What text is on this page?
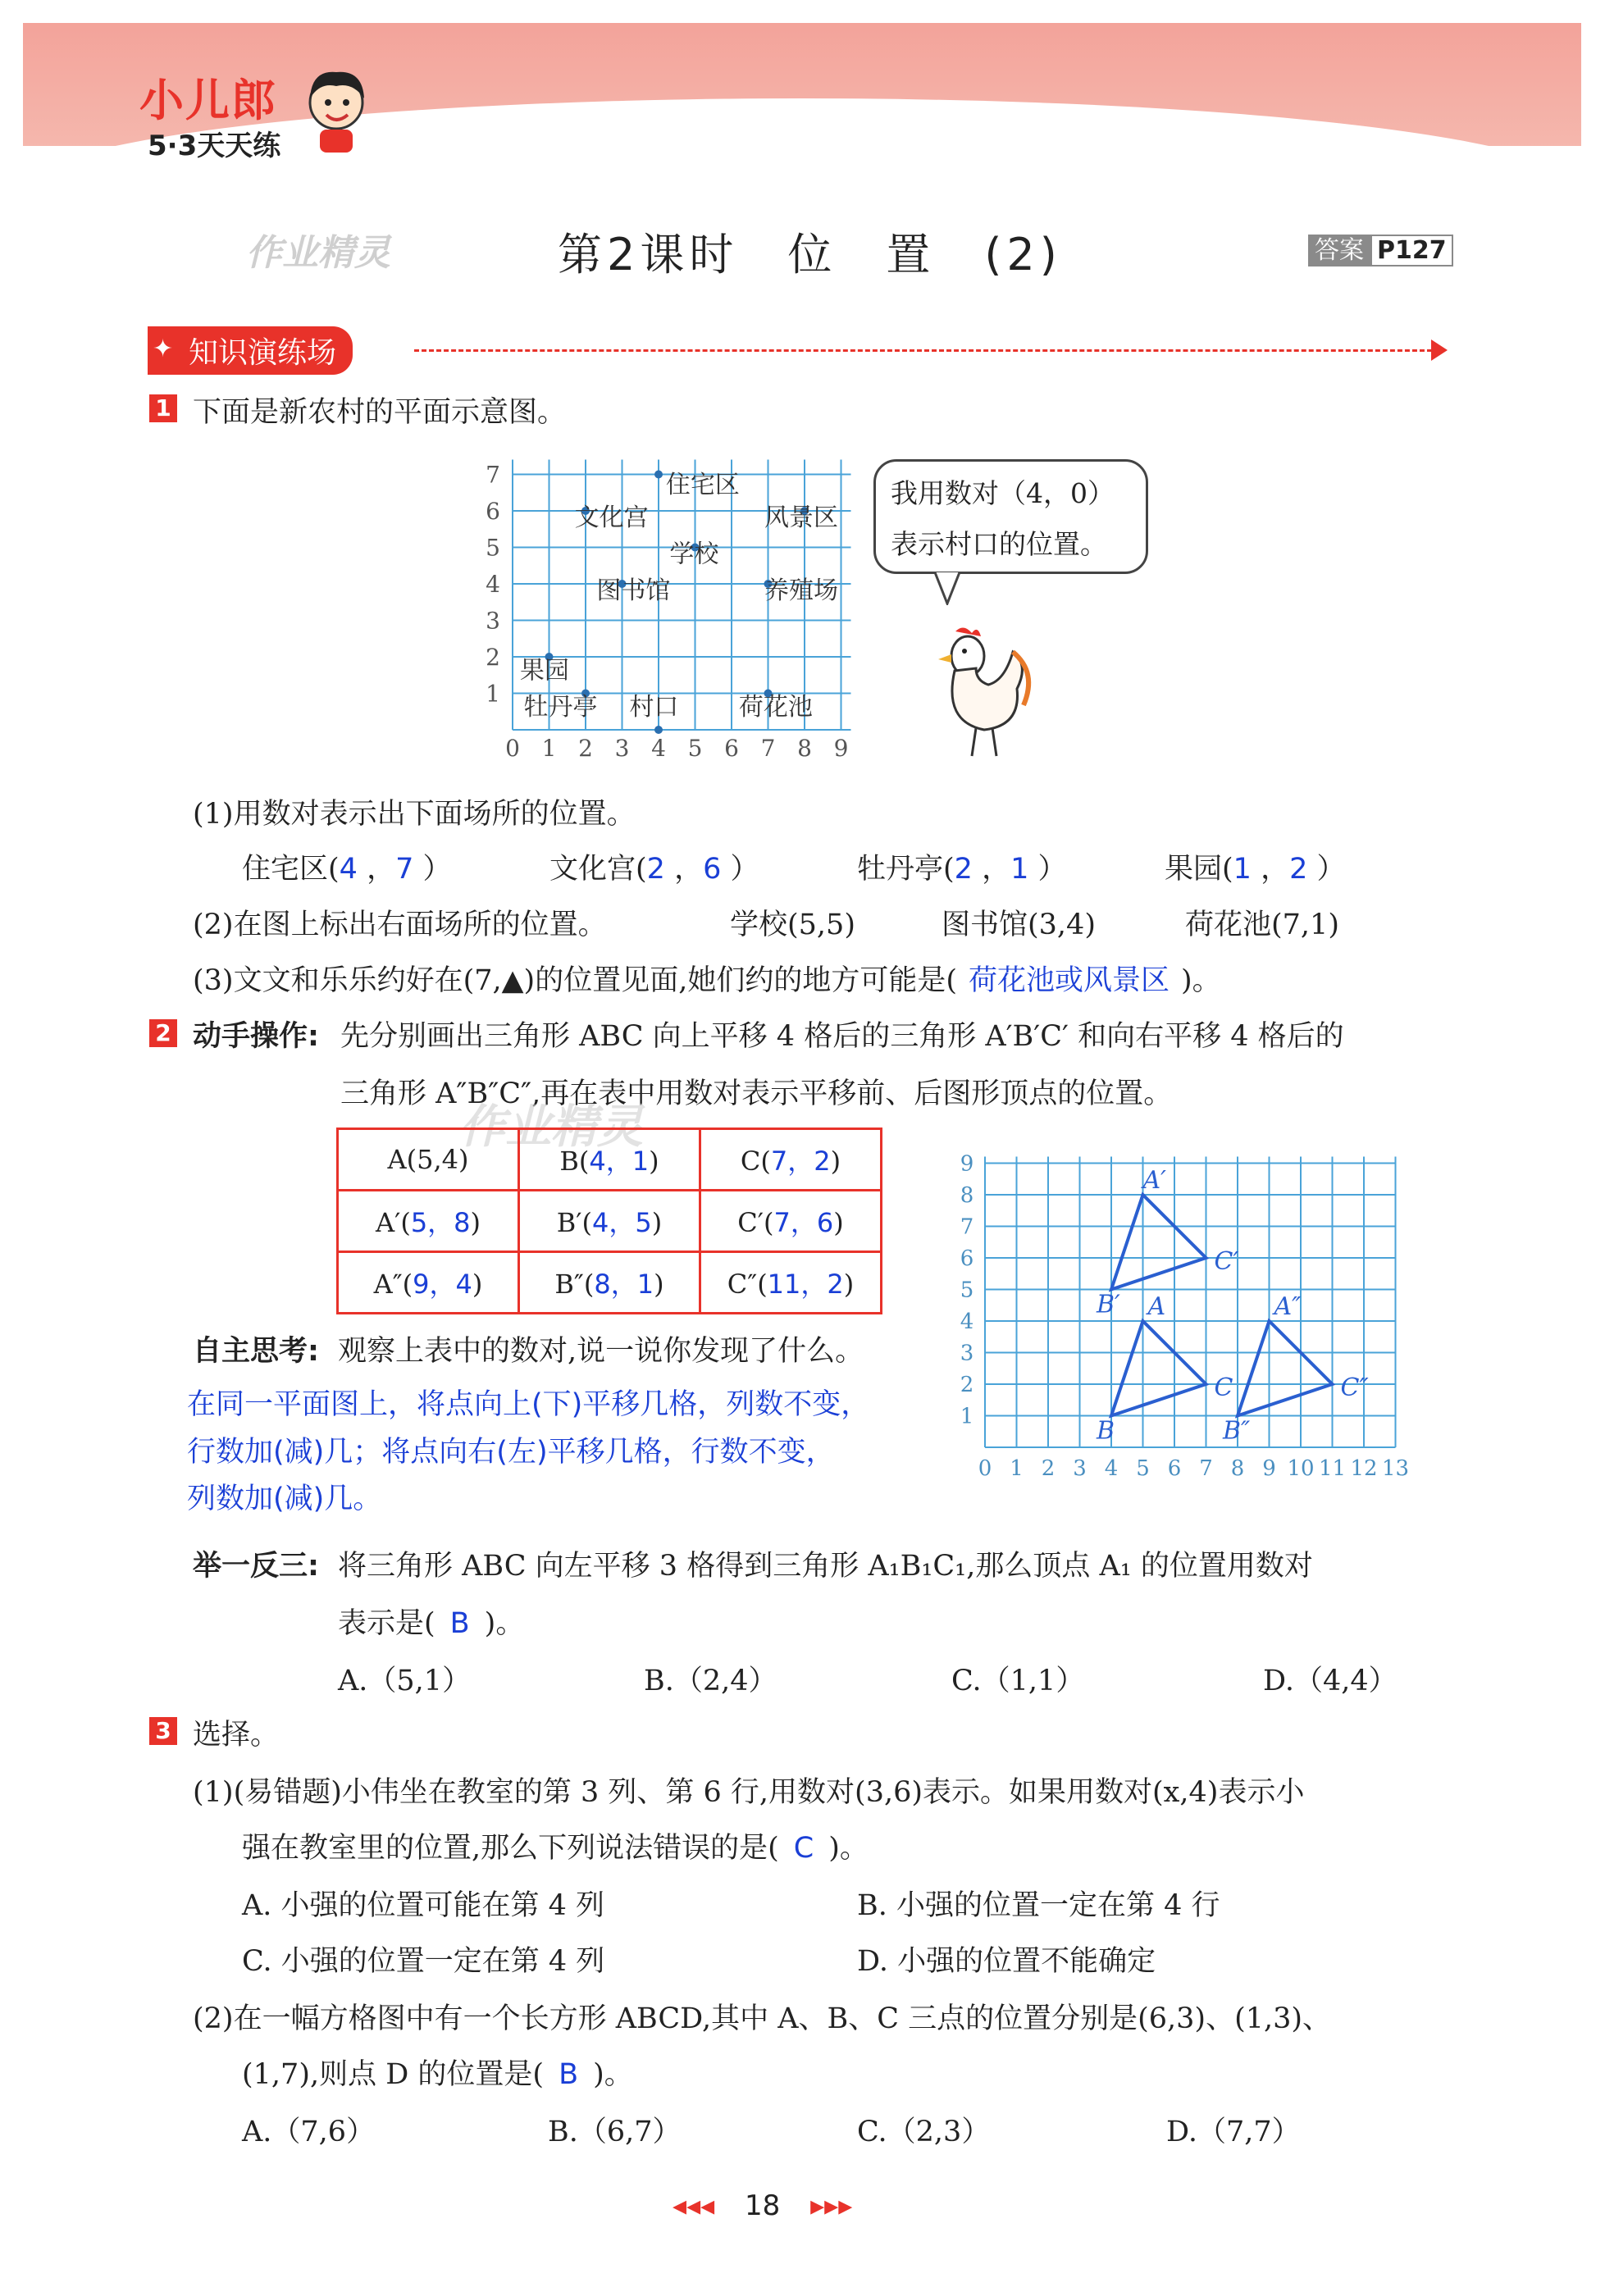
小儿郎
5·3天天练
作业精灵	第2课时　位　置　(2)	答案 P127
知识演练场
✦
1 下面是新农村的平面示意图。
0 1 2 3 4 5 6 7 8 9
1
2
3
4
5
6
7	住宅区
文化宫	风景区
学校
图书馆	养殖场
果园
牡丹亭 村口 荷花池
我用数对（4，0）表示村口的位置。
(1)用数对表示出下面场所的位置。
住宅区(4 ，7 ）	文化宫(2 ，6 ）	牡丹亭(2 ，1 ）	果园(1 ，2 ）
(2)在图上标出右面场所的位置。	学校(5,5)	图书馆(3,4)	荷花池(7,1)
(3)文文和乐乐约好在(7,▲)的位置见面,她们约的地方可能是( 荷花池或风景区 )。
2 动手操作: 先分别画出三角形 ABC 向上平移 4 格后的三角形 A′B′C′ 和向右平移 4 格后的
三角形 A″B″C″,再在表中用数对表示平移前、后图形顶点的位置。
作业精灵
A(5,4)	B(4，1)	C(7，2)
A′(5，8)	B′(4，5)	C′(7，6)
A″(9，4)	B″(8，1)	C″(11，2)
0 1 2 3 4 5 6 7 8 9 10 11 12 13
1
2
3
4
5
6
7
8
9
A′
B′
C′
A
B
C
A″
B″
C″
自主思考: 观察上表中的数对,说一说你发现了什么。
在同一平面图上，将点向上(下)平移几格，列数不变，
行数加(减)几；将点向右(左)平移几格，行数不变，
列数加(减)几。
举一反三: 将三角形 ABC 向左平移 3 格得到三角形 A₁B₁C₁,那么顶点 A₁ 的位置用数对
表示是( B )。
A.（5,1）	B.（2,4）	C.（1,1）	D.（4,4）
3 选择。
(1)(易错题)小伟坐在教室的第 3 列、第 6 行,用数对(3,6)表示。如果用数对(x,4)表示小
强在教室里的位置,那么下列说法错误的是( C )。
A. 小强的位置可能在第 4 列	B. 小强的位置一定在第 4 行
C. 小强的位置一定在第 4 列	D. 小强的位置不能确定
(2)在一幅方格图中有一个长方形 ABCD,其中 A、B、C 三点的位置分别是(6,3)、(1,3)、
(1,7),则点 D 的位置是( B )。
A.（7,6）	B.（6,7）	C.（2,3）	D.（7,7）
◂◂◂ 18 ▸▸▸
